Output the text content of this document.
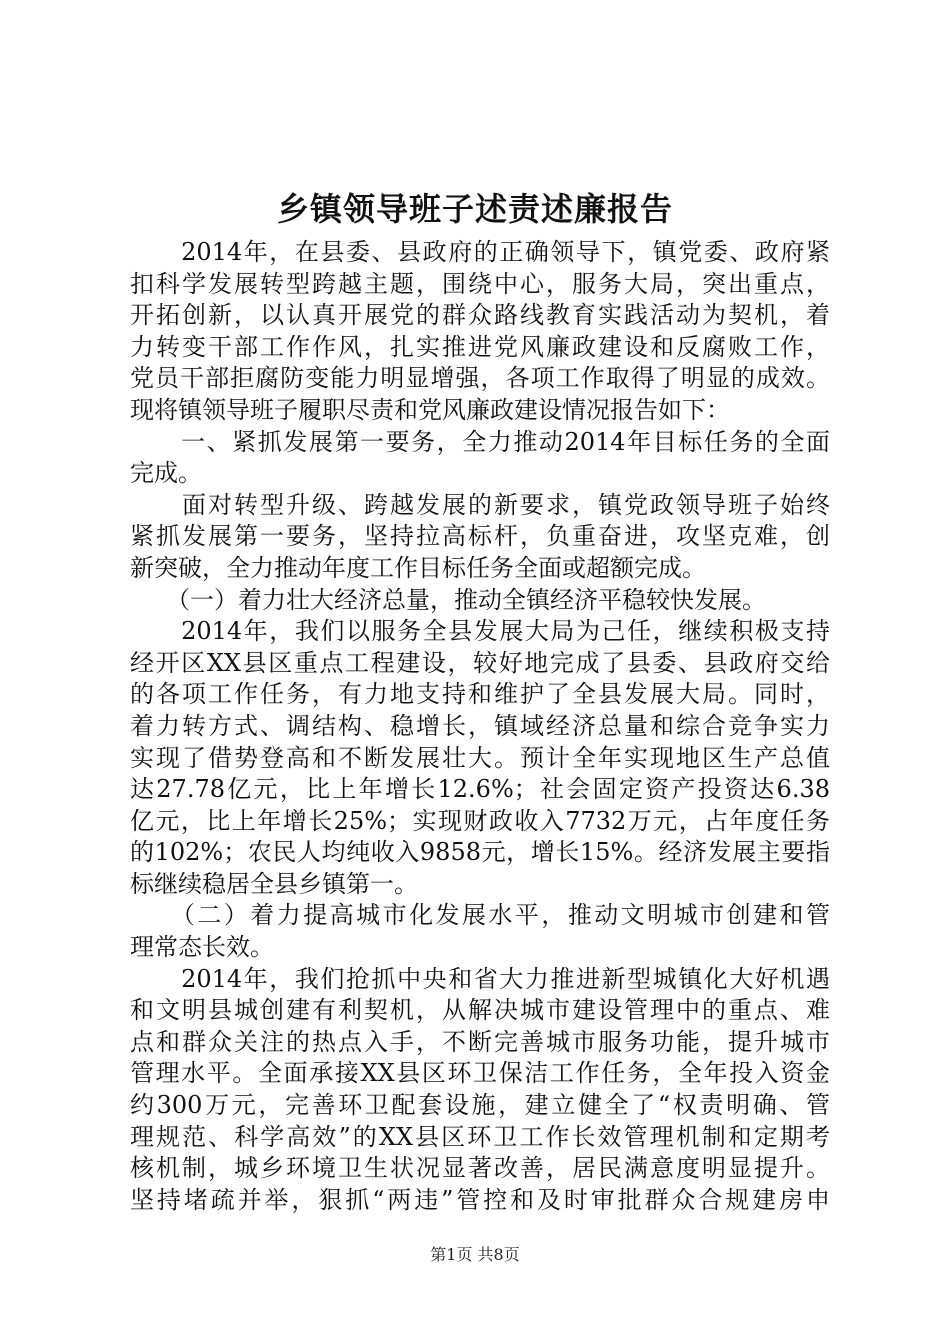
乡镇领导班子述责述廉报告
　　2014年，在县委、县政府的正确领导下，镇党委、政府紧
扣科学发展转型跨越主题，围绕中心，服务大局，突出重点，
开拓创新，以认真开展党的群众路线教育实践活动为契机，着
力转变干部工作作风，扎实推进党风廉政建设和反腐败工作，
党员干部拒腐防变能力明显增强，各项工作取得了明显的成效。
现将镇领导班子履职尽责和党风廉政建设情况报告如下：
　　一、紧抓发展第一要务，全力推动2014年目标任务的全面
完成。
　　面对转型升级、跨越发展的新要求，镇党政领导班子始终
紧抓发展第一要务，坚持拉高标杆，负重奋进，攻坚克难，创
新突破，全力推动年度工作目标任务全面或超额完成。
　　（一）着力壮大经济总量，推动全镇经济平稳较快发展。
　　2014年，我们以服务全县发展大局为己任，继续积极支持
经开区XX县区重点工程建设，较好地完成了县委、县政府交给
的各项工作任务，有力地支持和维护了全县发展大局。同时，
着力转方式、调结构、稳增长，镇域经济总量和综合竞争实力
实现了借势登高和不断发展壮大。预计全年实现地区生产总值
达27.78亿元，比上年增长12.6%；社会固定资产投资达6.38
亿元，比上年增长25%；实现财政收入7732万元，占年度任务
的102%；农民人均纯收入9858元，增长15%。经济发展主要指
标继续稳居全县乡镇第一。
　　（二）着力提高城市化发展水平，推动文明城市创建和管
理常态长效。
　　2014年，我们抢抓中央和省大力推进新型城镇化大好机遇
和文明县城创建有利契机，从解决城市建设管理中的重点、难
点和群众关注的热点入手，不断完善城市服务功能，提升城市
管理水平。全面承接XX县区环卫保洁工作任务，全年投入资金
约300万元，完善环卫配套设施，建立健全了“权责明确、管
理规范、科学高效”的XX县区环卫工作长效管理机制和定期考
核机制，城乡环境卫生状况显著改善，居民满意度明显提升。
坚持堵疏并举，狠抓“两违”管控和及时审批群众合规建房申
第1页 共8页
